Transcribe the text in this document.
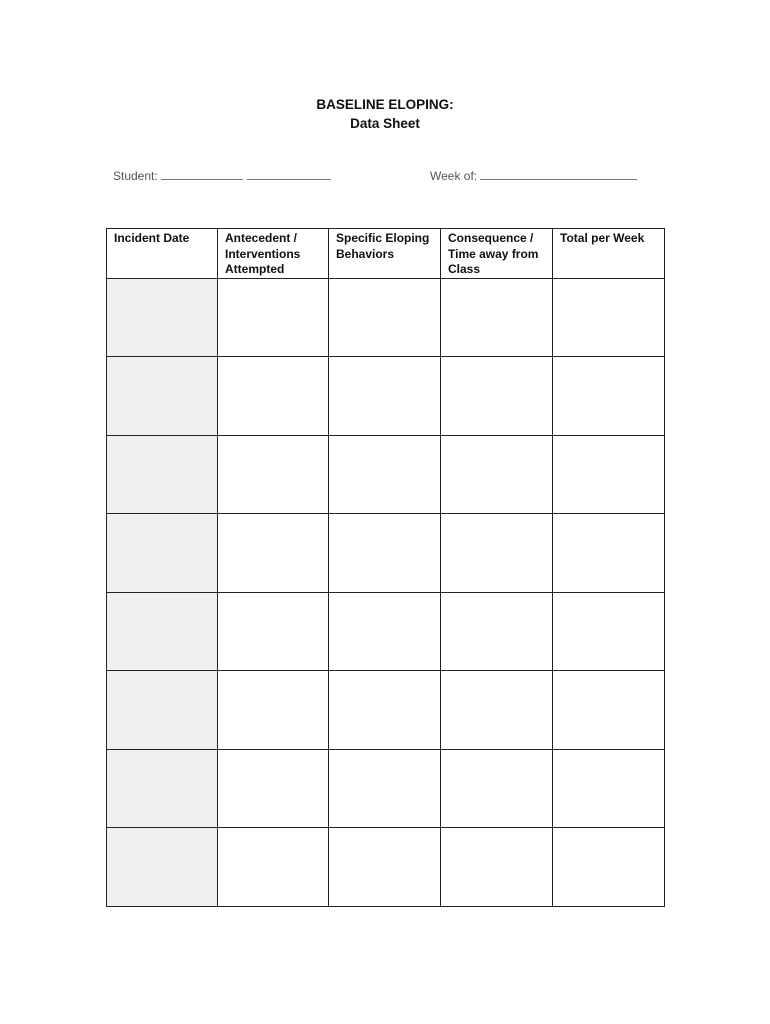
BASELINE ELOPING:
Data Sheet
Student:	Week of:
Incident Date	Antecedent / Interventions Attempted	Specific Eloping Behaviors	Consequence / Time away from Class	Total per Week
